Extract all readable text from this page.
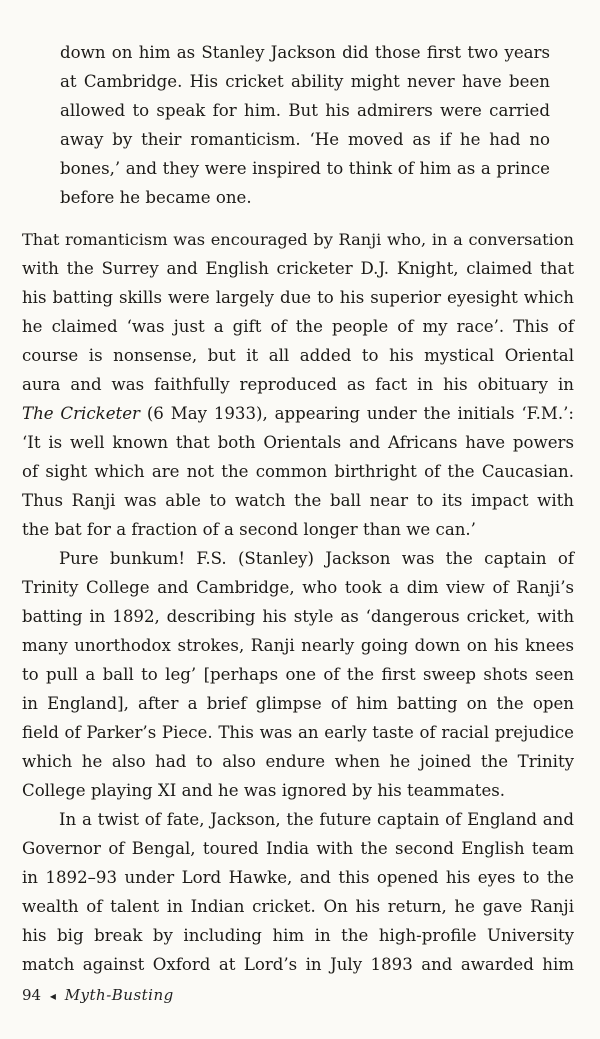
down on him as Stanley Jackson did those first two years
at Cambridge. His cricket ability might never have been
allowed to speak for him. But his admirers were carried
away by their romanticism. ‘He moved as if he had no
bones,’ and they were inspired to think of him as a prince
before he became one.

That romanticism was encouraged by Ranji who, in a conversation
with the Surrey and English cricketer D.J. Knight, claimed that
his batting skills were largely due to his superior eyesight which
he claimed ‘was just a gift of the people of my race’. This of
course is nonsense, but it all added to his mystical Oriental
aura and was faithfully reproduced as fact in his obituary in
The Cricketer (6 May 1933), appearing under the initials ‘F.M.’:
‘It is well known that both Orientals and Africans have powers
of sight which are not the common birthright of the Caucasian.
Thus Ranji was able to watch the ball near to its impact with
the bat for a fraction of a second longer than we can.’

Pure bunkum! F.S. (Stanley) Jackson was the captain of
Trinity College and Cambridge, who took a dim view of Ranji’s
batting in 1892, describing his style as ‘dangerous cricket, with
many unorthodox strokes, Ranji nearly going down on his knees
to pull a ball to leg’ [perhaps one of the first sweep shots seen
in England], after a brief glimpse of him batting on the open
field of Parker’s Piece. This was an early taste of racial prejudice
which he also had to also endure when he joined the Trinity
College playing XI and he was ignored by his teammates.

In a twist of fate, Jackson, the future captain of England and
Governor of Bengal, toured India with the second English team
in 1892–93 under Lord Hawke, and this opened his eyes to the
wealth of talent in Indian cricket. On his return, he gave Ranji
his big break by including him in the high-profile University
match against Oxford at Lord’s in July 1893 and awarded him

94 ◂ Myth-Busting
